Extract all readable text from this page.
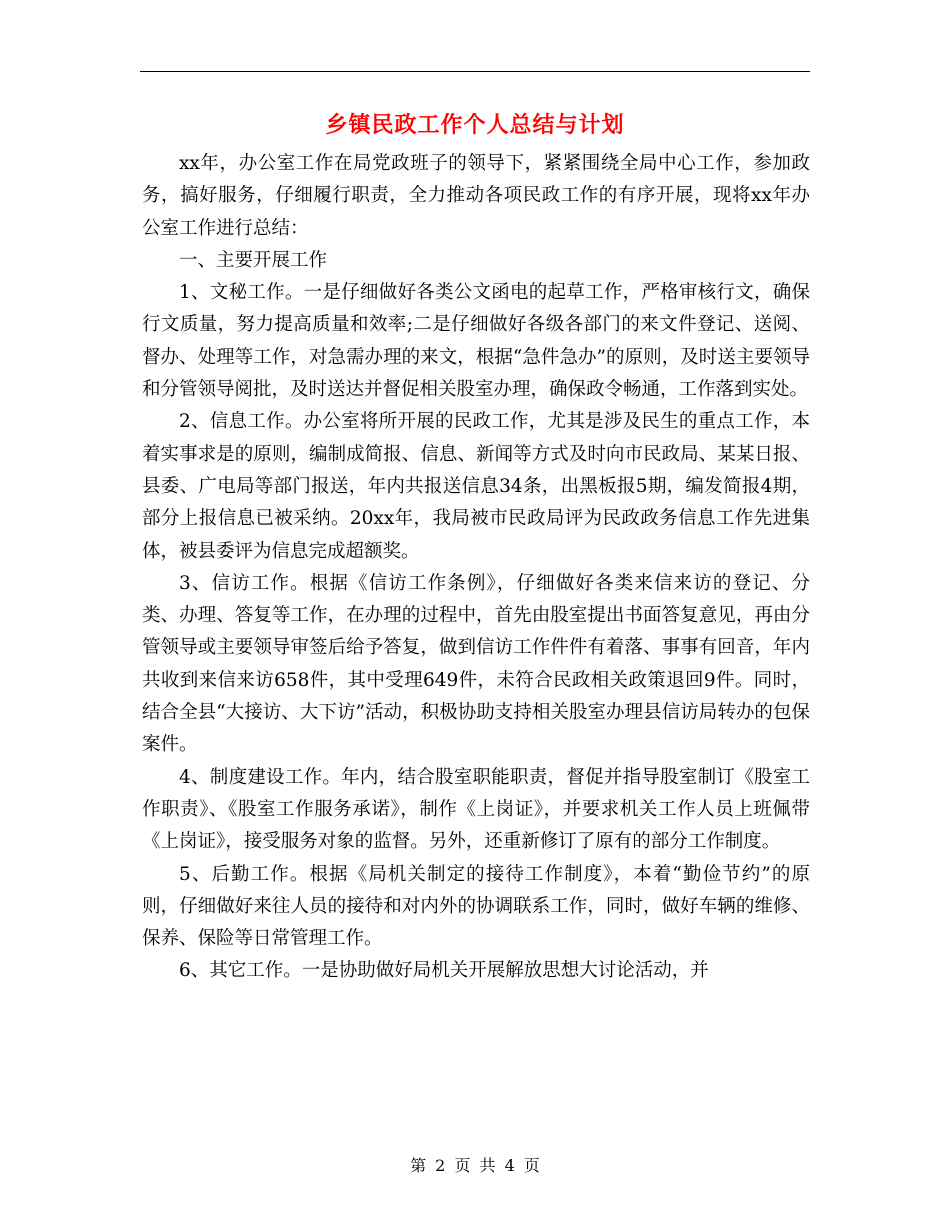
乡镇民政工作个人总结与计划

xx年，办公室工作在局党政班子的领导下，紧紧围绕全局中心工作，参加政务，搞好服务，仔细履行职责，全力推动各项民政工作的有序开展，现将xx年办公室工作进行总结：

一、主要开展工作

1、文秘工作。一是仔细做好各类公文函电的起草工作，严格审核行文，确保行文质量，努力提高质量和效率;二是仔细做好各级各部门的来文件登记、送阅、督办、处理等工作，对急需办理的来文，根据“急件急办”的原则，及时送主要领导和分管领导阅批，及时送达并督促相关股室办理，确保政令畅通，工作落到实处。

2、信息工作。办公室将所开展的民政工作，尤其是涉及民生的重点工作，本着实事求是的原则，编制成简报、信息、新闻等方式及时向市民政局、某某日报、县委、广电局等部门报送，年内共报送信息34条，出黑板报5期，编发简报4期，部分上报信息已被采纳。20xx年，我局被市民政局评为民政政务信息工作先进集体，被县委评为信息完成超额奖。

3、信访工作。根据《信访工作条例》，仔细做好各类来信来访的登记、分类、办理、答复等工作，在办理的过程中，首先由股室提出书面答复意见，再由分管领导或主要领导审签后给予答复，做到信访工作件件有着落、事事有回音，年内共收到来信来访658件，其中受理649件，未符合民政相关政策退回9件。同时，结合全县“大接访、大下访”活动，积极协助支持相关股室办理县信访局转办的包保案件。

4、制度建设工作。年内，结合股室职能职责，督促并指导股室制订《股室工作职责》、《股室工作服务承诺》，制作《上岗证》，并要求机关工作人员上班佩带《上岗证》，接受服务对象的监督。另外，还重新修订了原有的部分工作制度。

5、后勤工作。根据《局机关制定的接待工作制度》，本着“勤俭节约”的原则，仔细做好来往人员的接待和对内外的协调联系工作，同时，做好车辆的维修、保养、保险等日常管理工作。

6、其它工作。一是协助做好局机关开展解放思想大讨论活动，并

第 2 页 共 4 页
